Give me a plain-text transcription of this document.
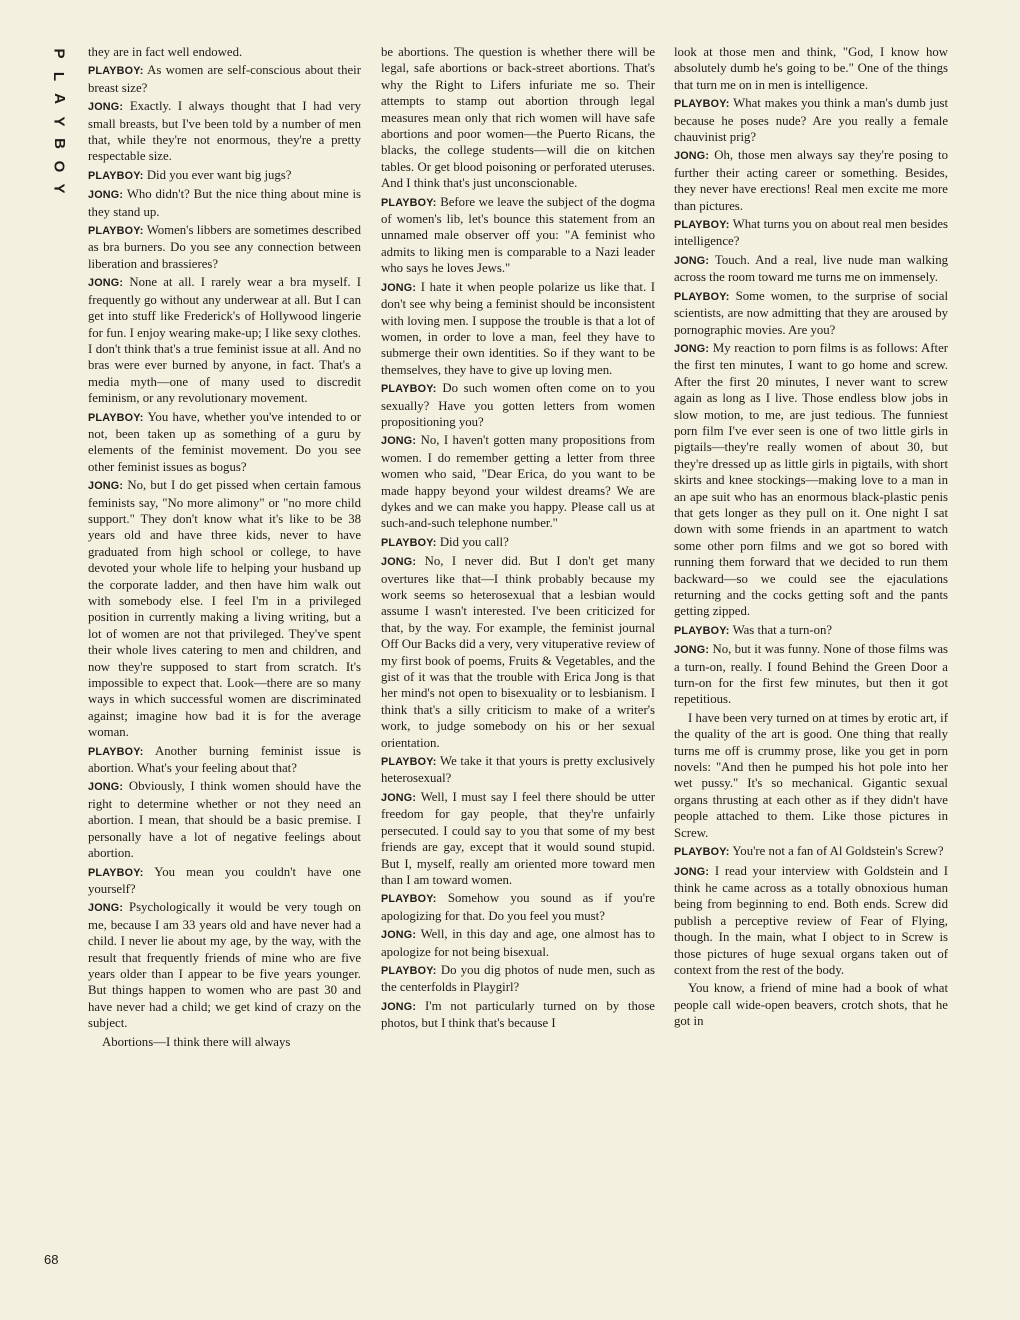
P
L
A
Y
B
O
Y
they are in fact well endowed.
PLAYBOY: As women are self-conscious about their breast size?
JONG: Exactly. I always thought that I had very small breasts, but I've been told by a number of men that, while they're not enormous, they're a pretty respectable size.
PLAYBOY: Did you ever want big jugs?
JONG: Who didn't? But the nice thing about mine is they stand up.
PLAYBOY: Women's libbers are sometimes described as bra burners. Do you see any connection between liberation and brassieres?
JONG: None at all. I rarely wear a bra myself. I frequently go without any underwear at all. But I can get into stuff like Frederick's of Hollywood lingerie for fun. I enjoy wearing make-up; I like sexy clothes. I don't think that's a true feminist issue at all. And no bras were ever burned by anyone, in fact. That's a media myth—one of many used to discredit feminism, or any revolutionary movement.
PLAYBOY: You have, whether you've intended to or not, been taken up as something of a guru by elements of the feminist movement. Do you see other feminist issues as bogus?
JONG: No, but I do get pissed when certain famous feminists say, "No more alimony" or "no more child support." They don't know what it's like to be 38 years old and have three kids, never to have graduated from high school or college, to have devoted your whole life to helping your husband up the corporate ladder, and then have him walk out with somebody else. I feel I'm in a privileged position in currently making a living writing, but a lot of women are not that privileged. They've spent their whole lives catering to men and children, and now they're supposed to start from scratch. It's impossible to expect that. Look—there are so many ways in which successful women are discriminated against; imagine how bad it is for the average woman.
PLAYBOY: Another burning feminist issue is abortion. What's your feeling about that?
JONG: Obviously, I think women should have the right to determine whether or not they need an abortion. I mean, that should be a basic premise. I personally have a lot of negative feelings about abortion.
PLAYBOY: You mean you couldn't have one yourself?
JONG: Psychologically it would be very tough on me, because I am 33 years old and have never had a child. I never lie about my age, by the way, with the result that frequently friends of mine who are five years older than I appear to be five years younger. But things happen to women who are past 30 and have never had a child; we get kind of crazy on the subject.
Abortions—I think there will always
be abortions. The question is whether there will be legal, safe abortions or back-street abortions. That's why the Right to Lifers infuriate me so. Their attempts to stamp out abortion through legal measures mean only that rich women will have safe abortions and poor women—the Puerto Ricans, the blacks, the college students—will die on kitchen tables. Or get blood poisoning or perforated uteruses. And I think that's just unconscionable.
PLAYBOY: Before we leave the subject of the dogma of women's lib, let's bounce this statement from an unnamed male observer off you: "A feminist who admits to liking men is comparable to a Nazi leader who says he loves Jews."
JONG: I hate it when people polarize us like that. I don't see why being a feminist should be inconsistent with loving men. I suppose the trouble is that a lot of women, in order to love a man, feel they have to submerge their own identities. So if they want to be themselves, they have to give up loving men.
PLAYBOY: Do such women often come on to you sexually? Have you gotten letters from women propositioning you?
JONG: No, I haven't gotten many propositions from women. I do remember getting a letter from three women who said, "Dear Erica, do you want to be made happy beyond your wildest dreams? We are dykes and we can make you happy. Please call us at such-and-such telephone number."
PLAYBOY: Did you call?
JONG: No, I never did. But I don't get many overtures like that—I think probably because my work seems so heterosexual that a lesbian would assume I wasn't interested. I've been criticized for that, by the way. For example, the feminist journal Off Our Backs did a very, very vituperative review of my first book of poems, Fruits & Vegetables, and the gist of it was that the trouble with Erica Jong is that her mind's not open to bisexuality or to lesbianism. I think that's a silly criticism to make of a writer's work, to judge somebody on his or her sexual orientation.
PLAYBOY: We take it that yours is pretty exclusively heterosexual?
JONG: Well, I must say I feel there should be utter freedom for gay people, that they're unfairly persecuted. I could say to you that some of my best friends are gay, except that it would sound stupid. But I, myself, really am oriented more toward men than I am toward women.
PLAYBOY: Somehow you sound as if you're apologizing for that. Do you feel you must?
JONG: Well, in this day and age, one almost has to apologize for not being bisexual.
PLAYBOY: Do you dig photos of nude men, such as the centerfolds in Playgirl?
JONG: I'm not particularly turned on by those photos, but I think that's because I
look at those men and think, "God, I know how absolutely dumb he's going to be." One of the things that turn me on in men is intelligence.
PLAYBOY: What makes you think a man's dumb just because he poses nude? Are you really a female chauvinist prig?
JONG: Oh, those men always say they're posing to further their acting career or something. Besides, they never have erections! Real men excite me more than pictures.
PLAYBOY: What turns you on about real men besides intelligence?
JONG: Touch. And a real, live nude man walking across the room toward me turns me on immensely.
PLAYBOY: Some women, to the surprise of social scientists, are now admitting that they are aroused by pornographic movies. Are you?
JONG: My reaction to porn films is as follows: After the first ten minutes, I want to go home and screw. After the first 20 minutes, I never want to screw again as long as I live. Those endless blow jobs in slow motion, to me, are just tedious. The funniest porn film I've ever seen is one of two little girls in pigtails—they're really women of about 30, but they're dressed up as little girls in pigtails, with short skirts and knee stockings—making love to a man in an ape suit who has an enormous black-plastic penis that gets longer as they pull on it. One night I sat down with some friends in an apartment to watch some other porn films and we got so bored with running them forward that we decided to run them backward—so we could see the ejaculations returning and the cocks getting soft and the pants getting zipped.
PLAYBOY: Was that a turn-on?
JONG: No, but it was funny. None of those films was a turn-on, really. I found Behind the Green Door a turn-on for the first few minutes, but then it got repetitious.
I have been very turned on at times by erotic art, if the quality of the art is good. One thing that really turns me off is crummy prose, like you get in porn novels: "And then he pumped his hot pole into her wet pussy." It's so mechanical. Gigantic sexual organs thrusting at each other as if they didn't have people attached to them. Like those pictures in Screw.
PLAYBOY: You're not a fan of Al Goldstein's Screw?
JONG: I read your interview with Goldstein and I think he came across as a totally obnoxious human being from beginning to end. Both ends. Screw did publish a perceptive review of Fear of Flying, though. In the main, what I object to in Screw is those pictures of huge sexual organs taken out of context from the rest of the body.
You know, a friend of mine had a book of what people call wide-open beavers, crotch shots, that he got in
68
